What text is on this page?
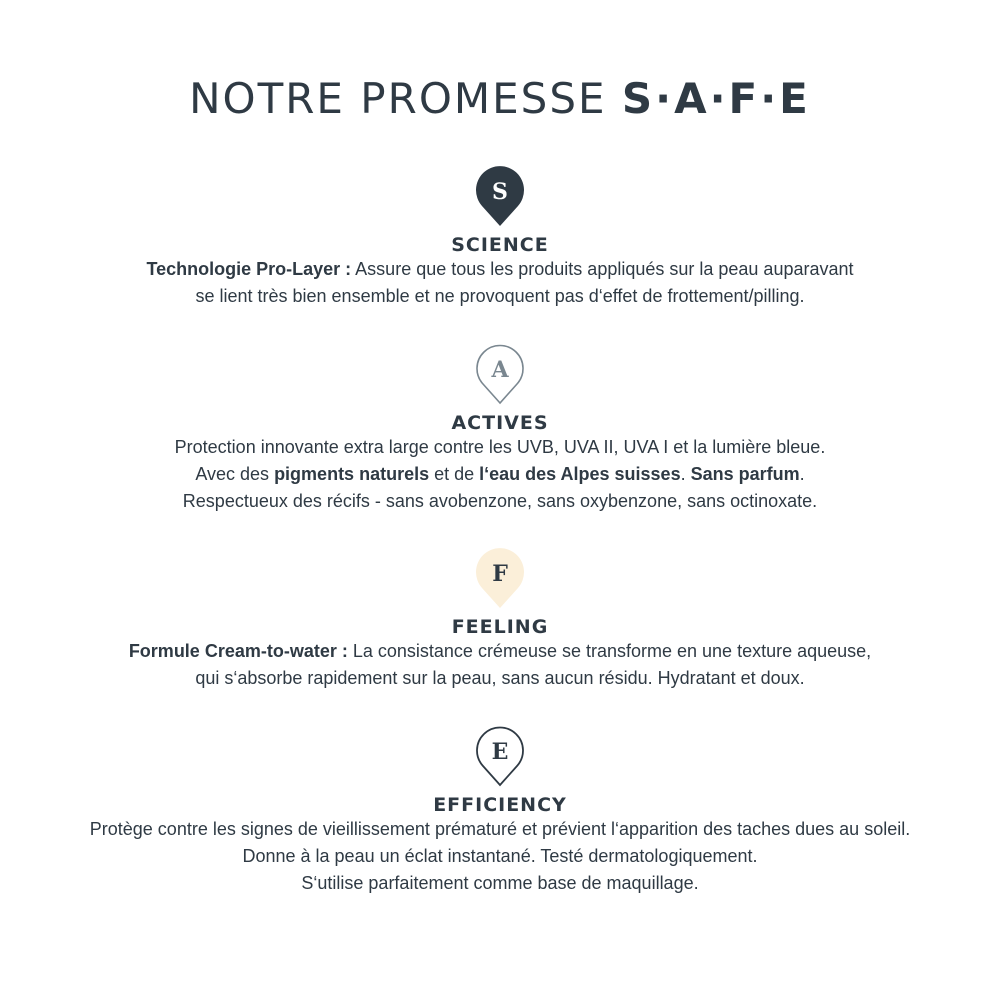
NOTRE PROMESSE S·A·F·E
S
SCIENCE
Technologie Pro-Layer : Assure que tous les produits appliqués sur la peau auparavant
se lient très bien ensemble et ne provoquent pas d‘effet de frottement/pilling.
A
ACTIVES
Protection innovante extra large contre les UVB, UVA II, UVA I et la lumière bleue.
Avec des pigments naturels et de l‘eau des Alpes suisses. Sans parfum.
Respectueux des récifs - sans avobenzone, sans oxybenzone, sans octinoxate.
F
FEELING
Formule Cream-to-water : La consistance crémeuse se transforme en une texture aqueuse,
qui s‘absorbe rapidement sur la peau, sans aucun résidu. Hydratant et doux.
E
EFFICIENCY
Protège contre les signes de vieillissement prématuré et prévient l‘apparition des taches dues au soleil.
Donne à la peau un éclat instantané. Testé dermatologiquement.
S‘utilise parfaitement comme base de maquillage.
